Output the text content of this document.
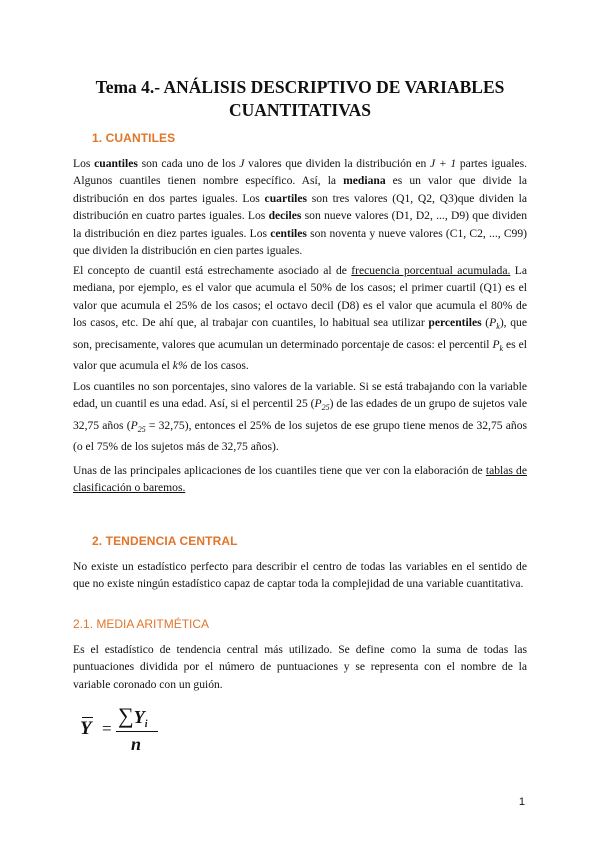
Tema 4.- ANÁLISIS DESCRIPTIVO DE VARIABLES
CUANTITATIVAS
1. CUANTILES
Los cuantiles son cada uno de los J valores que dividen la distribución en J + 1 partes iguales. Algunos cuantiles tienen nombre específico. Así, la mediana es un valor que divide la distribución en dos partes iguales. Los cuartiles son tres valores (Q1, Q2, Q3)que dividen la distribución en cuatro partes iguales. Los deciles son nueve valores (D1, D2, ..., D9) que dividen la distribución en diez partes iguales. Los centiles son noventa y nueve valores (C1, C2, ..., C99) que dividen la distribución en cien partes iguales.
El concepto de cuantil está estrechamente asociado al de frecuencia porcentual acumulada. La mediana, por ejemplo, es el valor que acumula el 50% de los casos; el primer cuartil (Q1) es el valor que acumula el 25% de los casos; el octavo decil (D8) es el valor que acumula el 80% de los casos, etc. De ahí que, al trabajar con cuantiles, lo habitual sea utilizar percentiles $(P_k)$, que son, precisamente, valores que acumulan un determinado porcentaje de casos: el percentil $P_k$ es el valor que acumula el k% de los casos.
Los cuantiles no son porcentajes, sino valores de la variable. Si se está trabajando con la variable edad, un cuantil es una edad. Así, si el percentil 25 $(P_{25})$ de las edades de un grupo de sujetos vale 32,75 años $(P_{25} = 32,75)$, entonces el 25% de los sujetos de ese grupo tiene menos de 32,75 años (o el 75% de los sujetos más de 32,75 años).
Unas de las principales aplicaciones de los cuantiles tiene que ver con la elaboración de tablas de clasificación o baremos.
2. TENDENCIA CENTRAL
No existe un estadístico perfecto para describir el centro de todas las variables en el sentido de que no existe ningún estadístico capaz de captar toda la complejidad de una variable cuantitativa.
2.1. MEDIA ARITMÉTICA
Es el estadístico de tendencia central más utilizado. Se define como la suma de todas las puntuaciones dividida por el número de puntuaciones y se representa con el nombre de la variable coronado con un guión.
Y =
$\sum Y_i$
n
1
